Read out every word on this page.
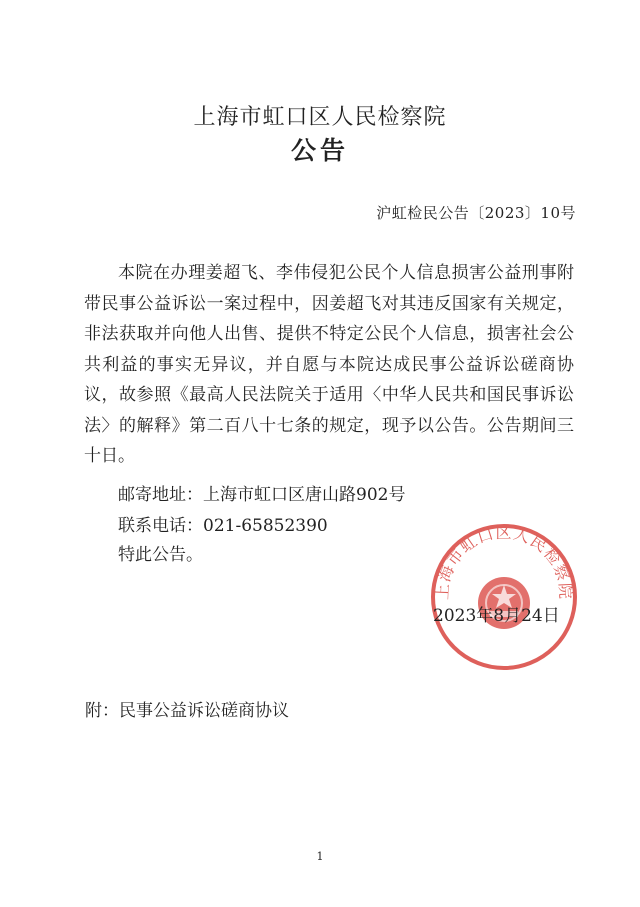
上海市虹口区人民检察院
公告
沪虹检民公告〔2023〕10号

本院在办理姜超飞、李伟侵犯公民个人信息损害公益刑事附带民事公益诉讼一案过程中，因姜超飞对其违反国家有关规定，非法获取并向他人出售、提供不特定公民个人信息，损害社会公共利益的事实无异议，并自愿与本院达成民事公益诉讼磋商协议，故参照《最高人民法院关于适用〈中华人民共和国民事诉讼法〉的解释》第二百八十七条的规定，现予以公告。公告期间三十日。

邮寄地址：上海市虹口区唐山路902号
联系电话：021-65852390
特此公告。
上海市虹口区人民检察院
2023年8月24日
附：民事公益诉讼磋商协议
1
